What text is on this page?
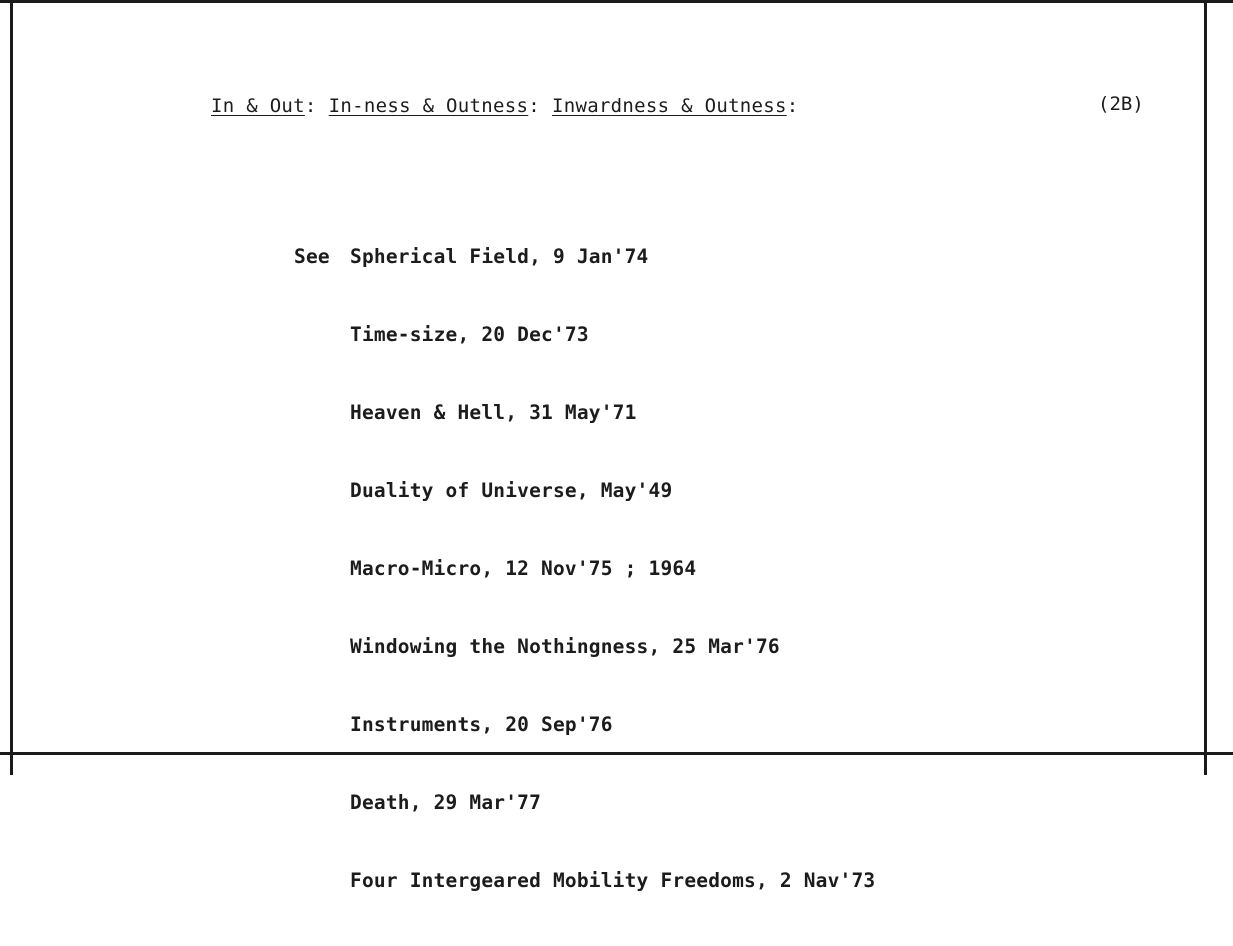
In & Out: In-ness & Outness: Inwardness & Outness:	(2B)

See Spherical Field, 9 Jan'74

Time-size, 20 Dec'73

Heaven & Hell, 31 May'71

Duality of Universe, May'49

Macro-Micro, 12 Nov'75 ; 1964

Windowing the Nothingness, 25 Mar'76

Instruments, 20 Sep'76

Death, 29 Mar'77

Four Intergeared Mobility Freedoms, 2 Nav'73
